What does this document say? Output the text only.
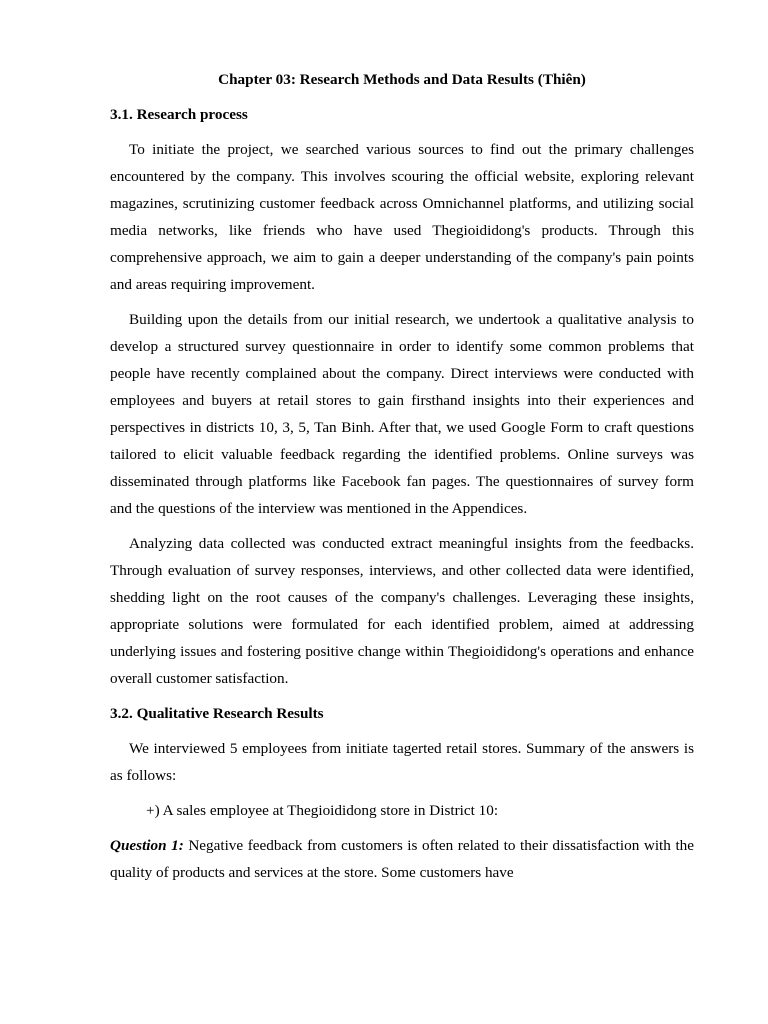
Chapter 03: Research Methods and Data Results (Thiên)
3.1. Research process

To initiate the project, we searched various sources to find out the primary challenges encountered by the company. This involves scouring the official website, exploring relevant magazines, scrutinizing customer feedback across Omnichannel platforms, and utilizing social media networks, like friends who have used Thegioididong's products. Through this comprehensive approach, we aim to gain a deeper understanding of the company's pain points and areas requiring improvement.

Building upon the details from our initial research, we undertook a qualitative analysis to develop a structured survey questionnaire in order to identify some common problems that people have recently complained about the company. Direct interviews were conducted with employees and buyers at retail stores to gain firsthand insights into their experiences and perspectives in districts 10, 3, 5, Tan Binh. After that, we used Google Form to craft questions tailored to elicit valuable feedback regarding the identified problems. Online surveys was disseminated through platforms like Facebook fan pages. The questionnaires of survey form and the questions of the interview was mentioned in the Appendices.

Analyzing data collected was conducted extract meaningful insights from the feedbacks. Through evaluation of survey responses, interviews, and other collected data were identified, shedding light on the root causes of the company's challenges. Leveraging these insights, appropriate solutions were formulated for each identified problem, aimed at addressing underlying issues and fostering positive change within Thegioididong's operations and enhance overall customer satisfaction.

3.2. Qualitative Research Results

We interviewed 5 employees from initiate tagerted retail stores. Summary of the answers is as follows:

+) A sales employee at Thegioididong store in District 10:

Question 1: Negative feedback from customers is often related to their dissatisfaction with the quality of products and services at the store. Some customers have
